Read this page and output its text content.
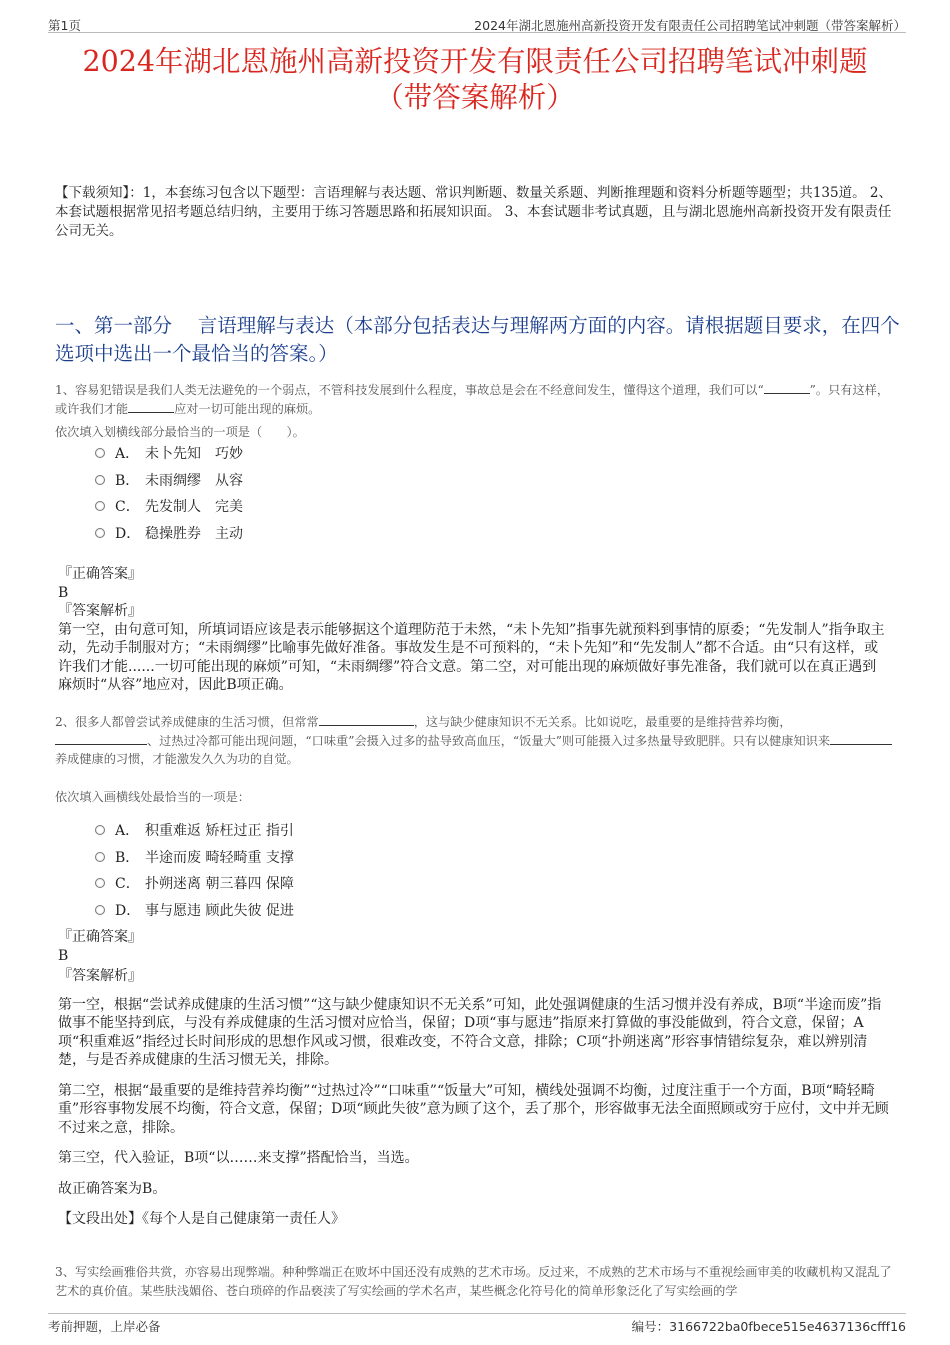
第1页	2024年湖北恩施州高新投资开发有限责任公司招聘笔试冲刺题（带答案解析）
2024年湖北恩施州高新投资开发有限责任公司招聘笔试冲刺题
（带答案解析）
【下载须知】：1，本套练习包含以下题型：言语理解与表达题、常识判断题、数量关系题、判断推理题和资料分析题等题型；共135道。 2、本套试题根据常见招考题总结归纳，主要用于练习答题思路和拓展知识面。 3、本套试题非考试真题，且与湖北恩施州高新投资开发有限责任公司无关。
一、第一部分　 言语理解与表达（本部分包括表达与理解两方面的内容。请根据题目要求，在四个选项中选出一个最恰当的答案。）
1、容易犯错误是我们人类无法避免的一个弱点，不管科技发展到什么程度，事故总是会在不经意间发生，懂得这个道理，我们可以“	”。只有这样，或许我们才能	应对一切可能出现的麻烦。
依次填入划横线部分最恰当的一项是（　　）。
A． 未卜先知　巧妙
B． 未雨绸缪　从容
C． 先发制人　完美
D． 稳操胜券　主动

『正确答案』

B

『答案解析』

第一空，由句意可知，所填词语应该是表示能够据这个道理防范于未然，“未卜先知”指事先就预料到事情的原委；“先发制人”指争取主动，先动手制服对方；“未雨绸缪”比喻事先做好准备。事故发生是不可预料的，“未卜先知”和“先发制人”都不合适。由“只有这样，或许我们才能......一切可能出现的麻烦”可知，“未雨绸缪”符合文意。第二空，对可能出现的麻烦做好事先准备，我们就可以在真正遇到麻烦时“从容”地应对，因此B项正确。

2、很多人都曾尝试养成健康的生活习惯，但常常	，这与缺少健康知识不无关系。比如说吃，最重要的是维持营养均衡，
、过热过冷都可能出现问题，“口味重”会摄入过多的盐导致高血压，“饭量大”则可能摄入过多热量导致肥胖。只有以健康知识来养成健康的习惯，才能激发久久为功的自觉。
依次填入画横线处最恰当的一项是：
A． 积重难返 矫枉过正 指引
B． 半途而废 畸轻畸重 支撑
C． 扑朔迷离 朝三暮四 保障
D． 事与愿违 顾此失彼 促进

『正确答案』

B

『答案解析』

第一空，根据“尝试养成健康的生活习惯”“这与缺少健康知识不无关系”可知，此处强调健康的生活习惯并没有养成，B项“半途而废”指做事不能坚持到底，与没有养成健康的生活习惯对应恰当，保留；D项“事与愿违”指原来打算做的事没能做到，符合文意，保留；A项“积重难返”指经过长时间形成的思想作风或习惯，很难改变，不符合文意，排除；C项“扑朔迷离”形容事情错综复杂，难以辨别清楚，与是否养成健康的生活习惯无关，排除。

第二空，根据“最重要的是维持营养均衡”“过热过冷”“口味重”“饭量大”可知，横线处强调不均衡，过度注重于一个方面，B项“畸轻畸重”形容事物发展不均衡，符合文意，保留；D项“顾此失彼”意为顾了这个，丢了那个，形容做事无法全面照顾或穷于应付，文中并无顾不过来之意，排除。

第三空，代入验证，B项“以……来支撑”搭配恰当，当选。

故正确答案为B。

【文段出处】《每个人是自己健康第一责任人》

3、写实绘画雅俗共赏，亦容易出现弊端。种种弊端正在败坏中国还没有成熟的艺术市场。反过来，不成熟的艺术市场与不重视绘画审美的收藏机构又混乱了艺术的真价值。某些肤浅媚俗、苍白琐碎的作品亵渎了写实绘画的学术名声，某些概念化符号化的简单形象泛化了写实绘画的学
考前押题，上岸必备	编号：3166722ba0fbece515e4637136cfff16
